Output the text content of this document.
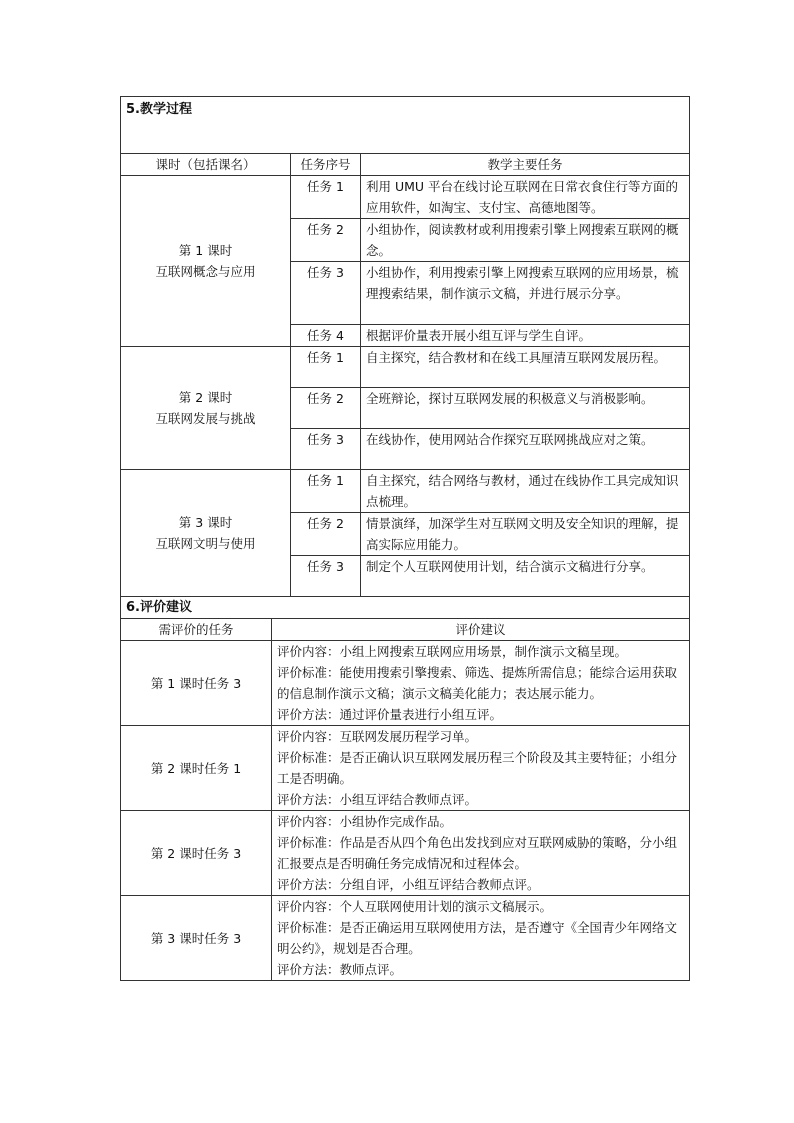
5.教学过程		
课时（包括课名）	任务序号	教学主要任务

第 1 课时
互联网概念与应用	任务 1	利用 UMU 平台在线讨论互联网在日常衣食住行等方面的应用软件，如淘宝、支付宝、高德地图等。
	任务 2	小组协作，阅读教材或利用搜索引擎上网搜索互联网的概念。
	任务 3	小组协作，利用搜索引擎上网搜索互联网的应用场景，梳理搜索结果，制作演示文稿，并进行展示分享。
	任务 4	根据评价量表开展小组互评与学生自评。

第 2 课时
互联网发展与挑战	任务 1	自主探究，结合教材和在线工具厘清互联网发展历程。
	任务 2	全班辩论，探讨互联网发展的积极意义与消极影响。
	任务 3	在线协作，使用网站合作探究互联网挑战应对之策。

第 3 课时
互联网文明与使用	任务 1	自主探究，结合网络与教材，通过在线协作工具完成知识点梳理。
	任务 2	情景演绎，加深学生对互联网文明及安全知识的理解，提高实际应用能力。
	任务 3	制定个人互联网使用计划，结合演示文稿进行分享。
6.评价建议	
需评价的任务	评价建议
第 1 课时任务 3	评价内容：小组上网搜索互联网应用场景，制作演示文稿呈现。
评价标准：能使用搜索引擎搜索、筛选、提炼所需信息；能综合运用获取的信息制作演示文稿；演示文稿美化能力；表达展示能力。
评价方法：通过评价量表进行小组互评。

第 2 课时任务 1	评价内容：互联网发展历程学习单。
评价标准：是否正确认识互联网发展历程三个阶段及其主要特征；小组分工是否明确。
评价方法：小组互评结合教师点评。

第 2 课时任务 3	评价内容：小组协作完成作品。
评价标准：作品是否从四个角色出发找到应对互联网威胁的策略，分小组汇报要点是否明确任务完成情况和过程体会。
评价方法：分组自评，小组互评结合教师点评。

第 3 课时任务 3	评价内容：个人互联网使用计划的演示文稿展示。
评价标准：是否正确运用互联网使用方法，是否遵守《全国青少年网络文明公约》，规划是否合理。
评价方法：教师点评。
